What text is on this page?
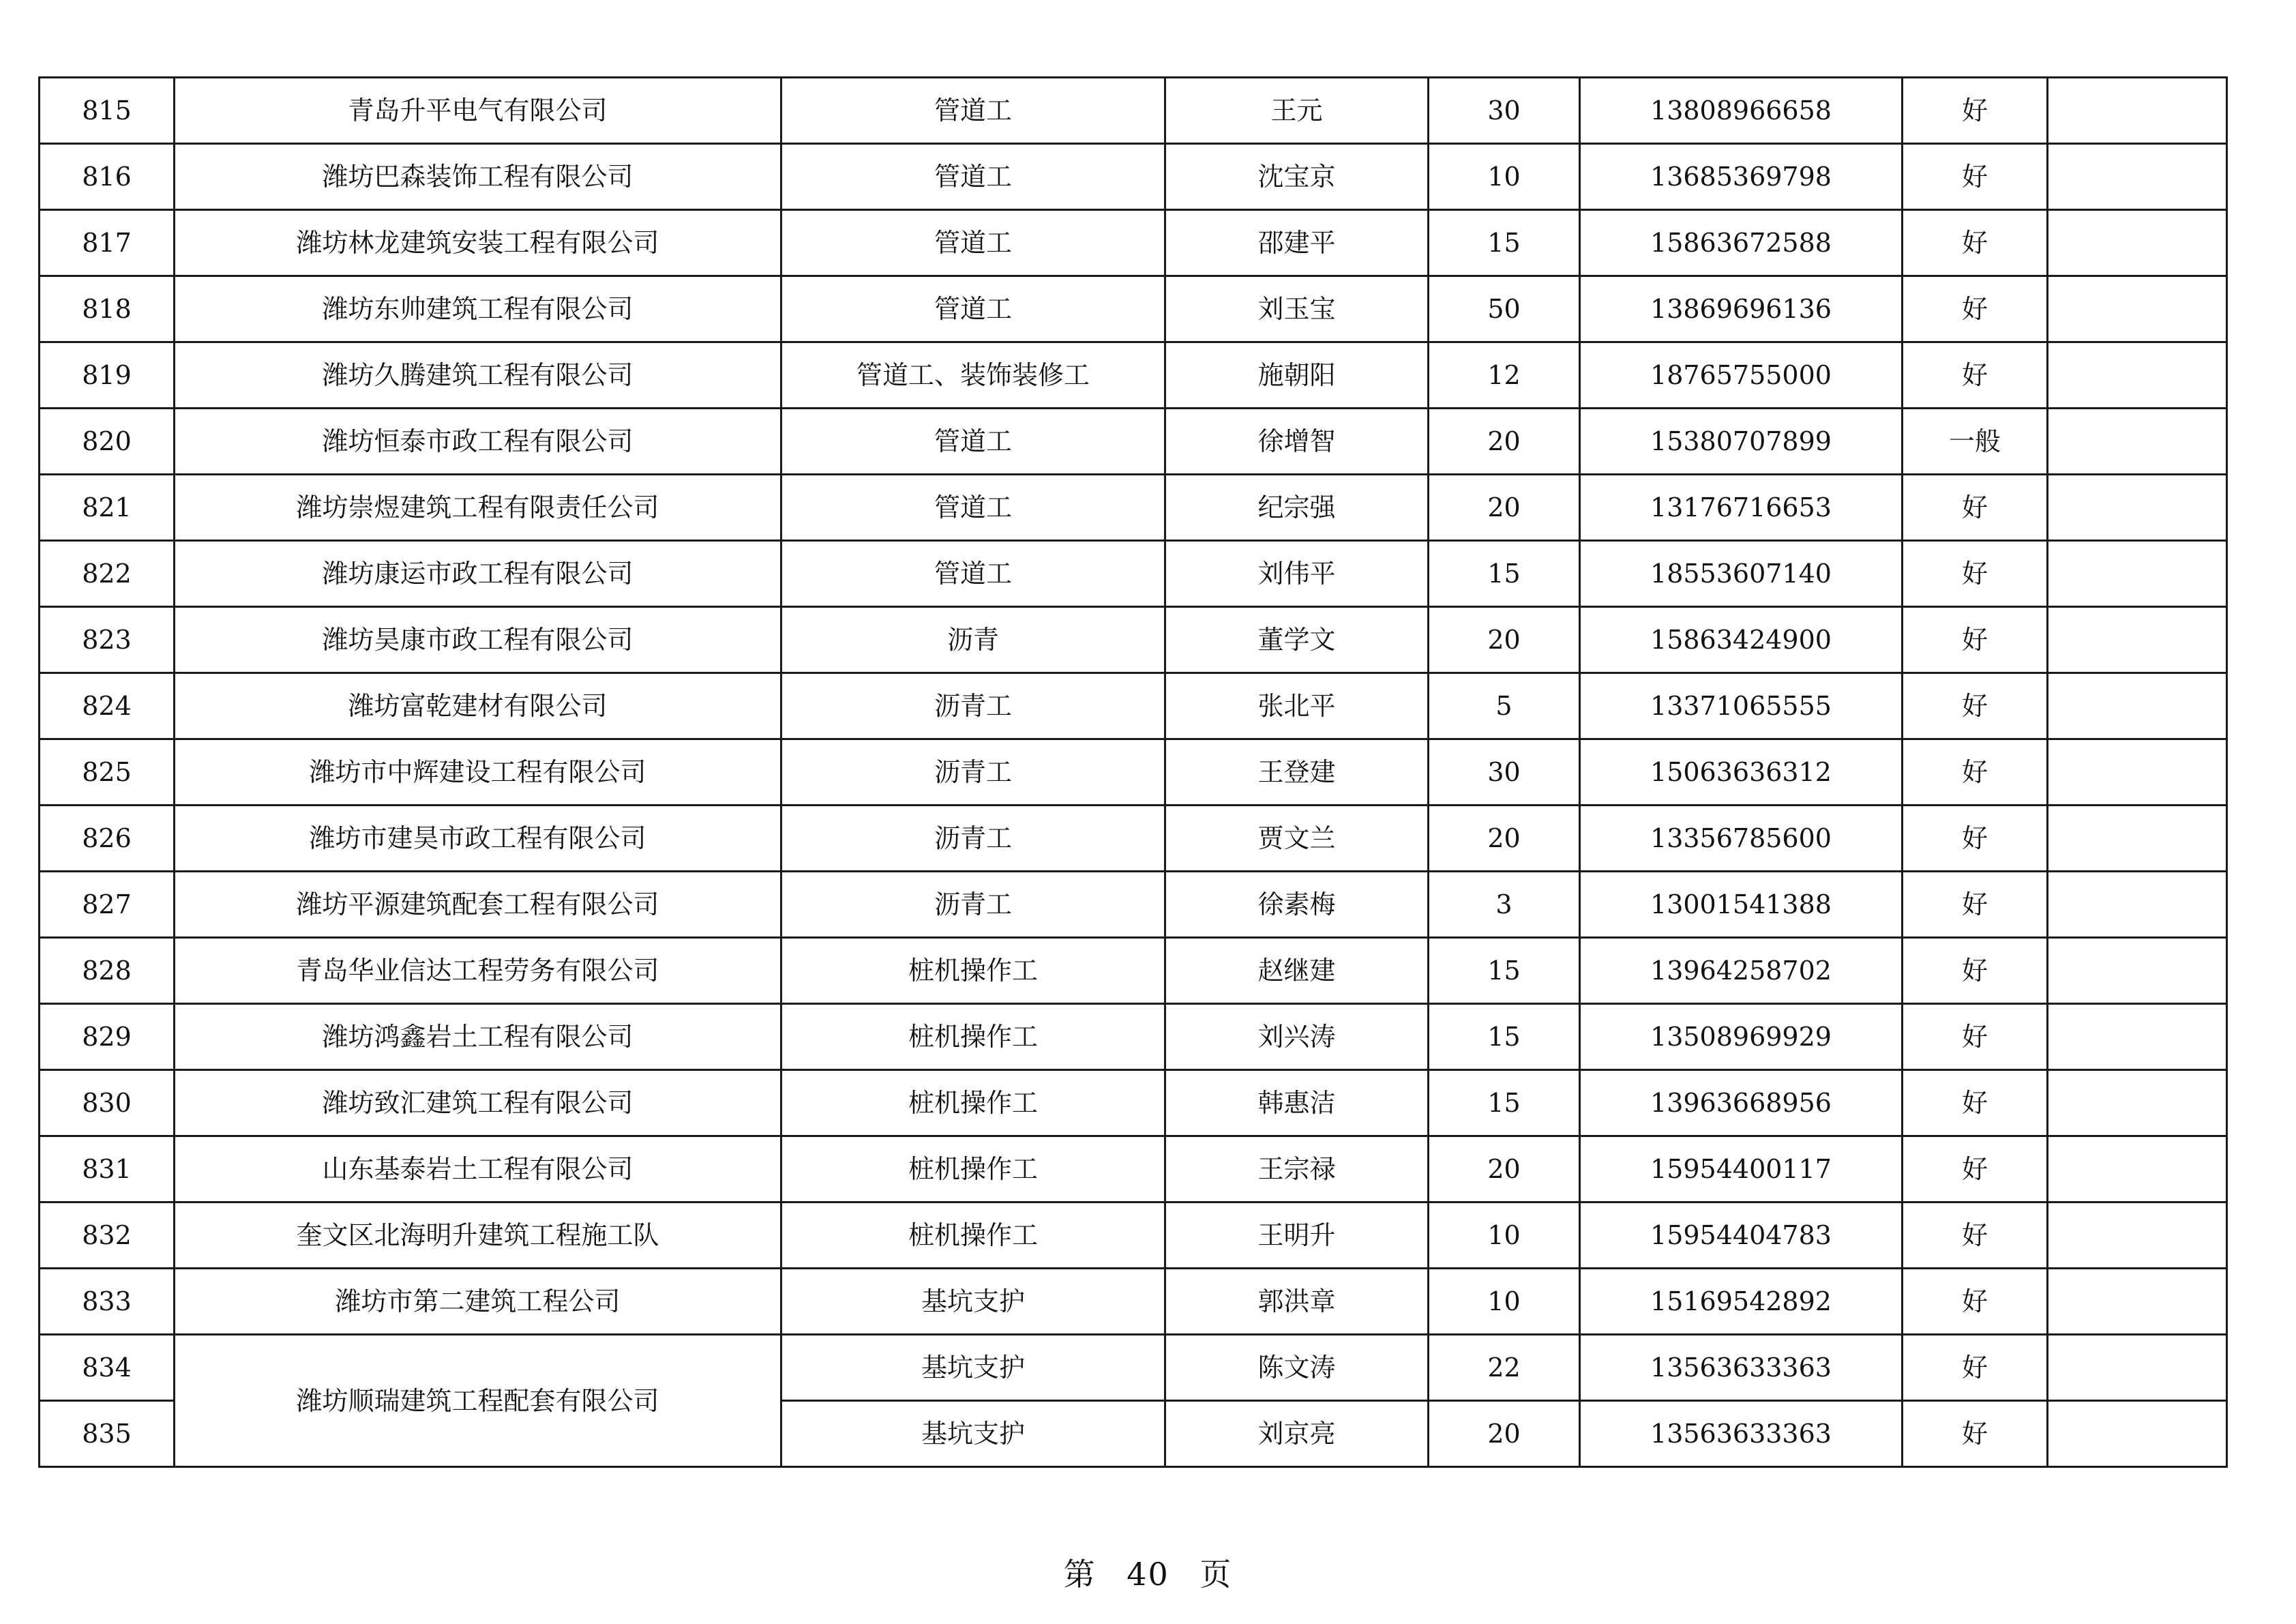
815	青岛升平电气有限公司	管道工	王元	30	13808966658	好	
816	潍坊巴森装饰工程有限公司	管道工	沈宝京	10	13685369798	好	
817	潍坊林龙建筑安装工程有限公司	管道工	邵建平	15	15863672588	好	
818	潍坊东帅建筑工程有限公司	管道工	刘玉宝	50	13869696136	好	
819	潍坊久腾建筑工程有限公司	管道工、装饰装修工	施朝阳	12	18765755000	好	
820	潍坊恒泰市政工程有限公司	管道工	徐增智	20	15380707899	一般	
821	潍坊崇煜建筑工程有限责任公司	管道工	纪宗强	20	13176716653	好	
822	潍坊康运市政工程有限公司	管道工	刘伟平	15	18553607140	好	
823	潍坊昊康市政工程有限公司	沥青	董学文	20	15863424900	好	
824	潍坊富乾建材有限公司	沥青工	张北平	5	13371065555	好	
825	潍坊市中辉建设工程有限公司	沥青工	王登建	30	15063636312	好	
826	潍坊市建昊市政工程有限公司	沥青工	贾文兰	20	13356785600	好	
827	潍坊平源建筑配套工程有限公司	沥青工	徐素梅	3	13001541388	好	
828	青岛华业信达工程劳务有限公司	桩机操作工	赵继建	15	13964258702	好	
829	潍坊鸿鑫岩土工程有限公司	桩机操作工	刘兴涛	15	13508969929	好	
830	潍坊致汇建筑工程有限公司	桩机操作工	韩惠洁	15	13963668956	好	
831	山东基泰岩土工程有限公司	桩机操作工	王宗禄	20	15954400117	好	
832	奎文区北海明升建筑工程施工队	桩机操作工	王明升	10	15954404783	好	
833	潍坊市第二建筑工程公司	基坑支护	郭洪章	10	15169542892	好	
834	潍坊顺瑞建筑工程配套有限公司	基坑支护	陈文涛	22	13563633363	好	
835		基坑支护	刘京亮	20	13563633363	好	
第 40 页
